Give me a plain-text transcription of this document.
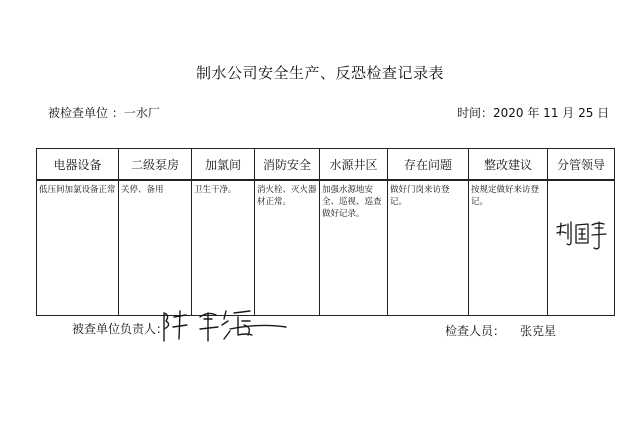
制水公司安全生产、反恐检查记录表
被检查单位 ：一水厂	时间：2020 年 11 月 25 日
电器设备	二级泵房	加氯间	消防安全	水源井区	存在问题	整改建议	分管领导
低压间加氯设备正常	关停、备用	卫生干净。	消火栓、灭火器材正常。	加强水源地安全、巡视、巡查做好记录。	做好门岗来访登记。	按规定做好来访登记。	
被查单位负责人：	检查人员： 张克星
